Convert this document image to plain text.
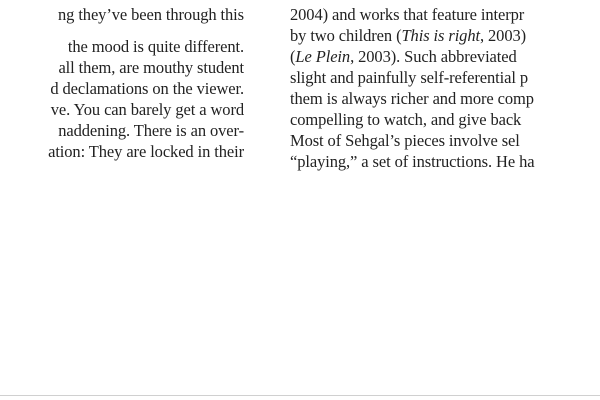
ng they’ve been through this
the mood is quite different.
all them, are mouthy student
d declamations on the viewer.
ve. You can barely get a word
naddening. There is an over-
ation: They are locked in their
2004) and works that feature interpr
by two children (This is right, 2003)
(Le Plein, 2003). Such abbreviated
slight and painfully self-referential p
them is always richer and more comp
compelling to watch, and give back
Most of Sehgal’s pieces involve sel
“playing,” a set of instructions. He ha
